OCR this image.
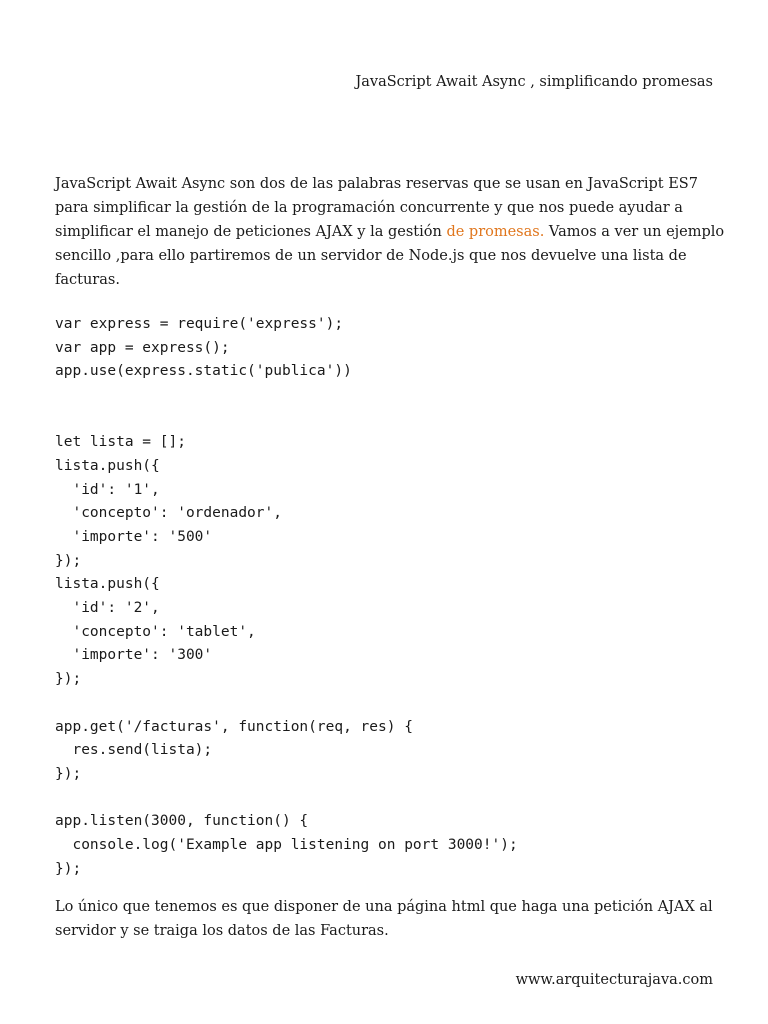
JavaScript Await Async , simplificando promesas

JavaScript Await Async son dos de las palabras reservas que se usan en JavaScript ES7 para simplificar la gestión de la programación concurrente y que nos puede ayudar a simplificar el manejo de peticiones AJAX y la gestión de promesas. Vamos a ver un ejemplo sencillo ,para ello partiremos de un servidor de Node.js que nos devuelve una lista de facturas.

var express = require('express');
var app = express();
app.use(express.static('publica'))
let lista = [];
lista.push({
'id': '1',
'concepto': 'ordenador',
'importe': '500'
});
lista.push({
'id': '2',
'concepto': 'tablet',
'importe': '300'
});

app.get('/facturas', function(req, res) {
res.send(lista);
});

app.listen(3000, function() {
console.log('Example app listening on port 3000!');
});

Lo único que tenemos es que disponer de una página html que haga una petición AJAX al servidor y se traiga los datos de las Facturas.

www.arquitecturajava.com
